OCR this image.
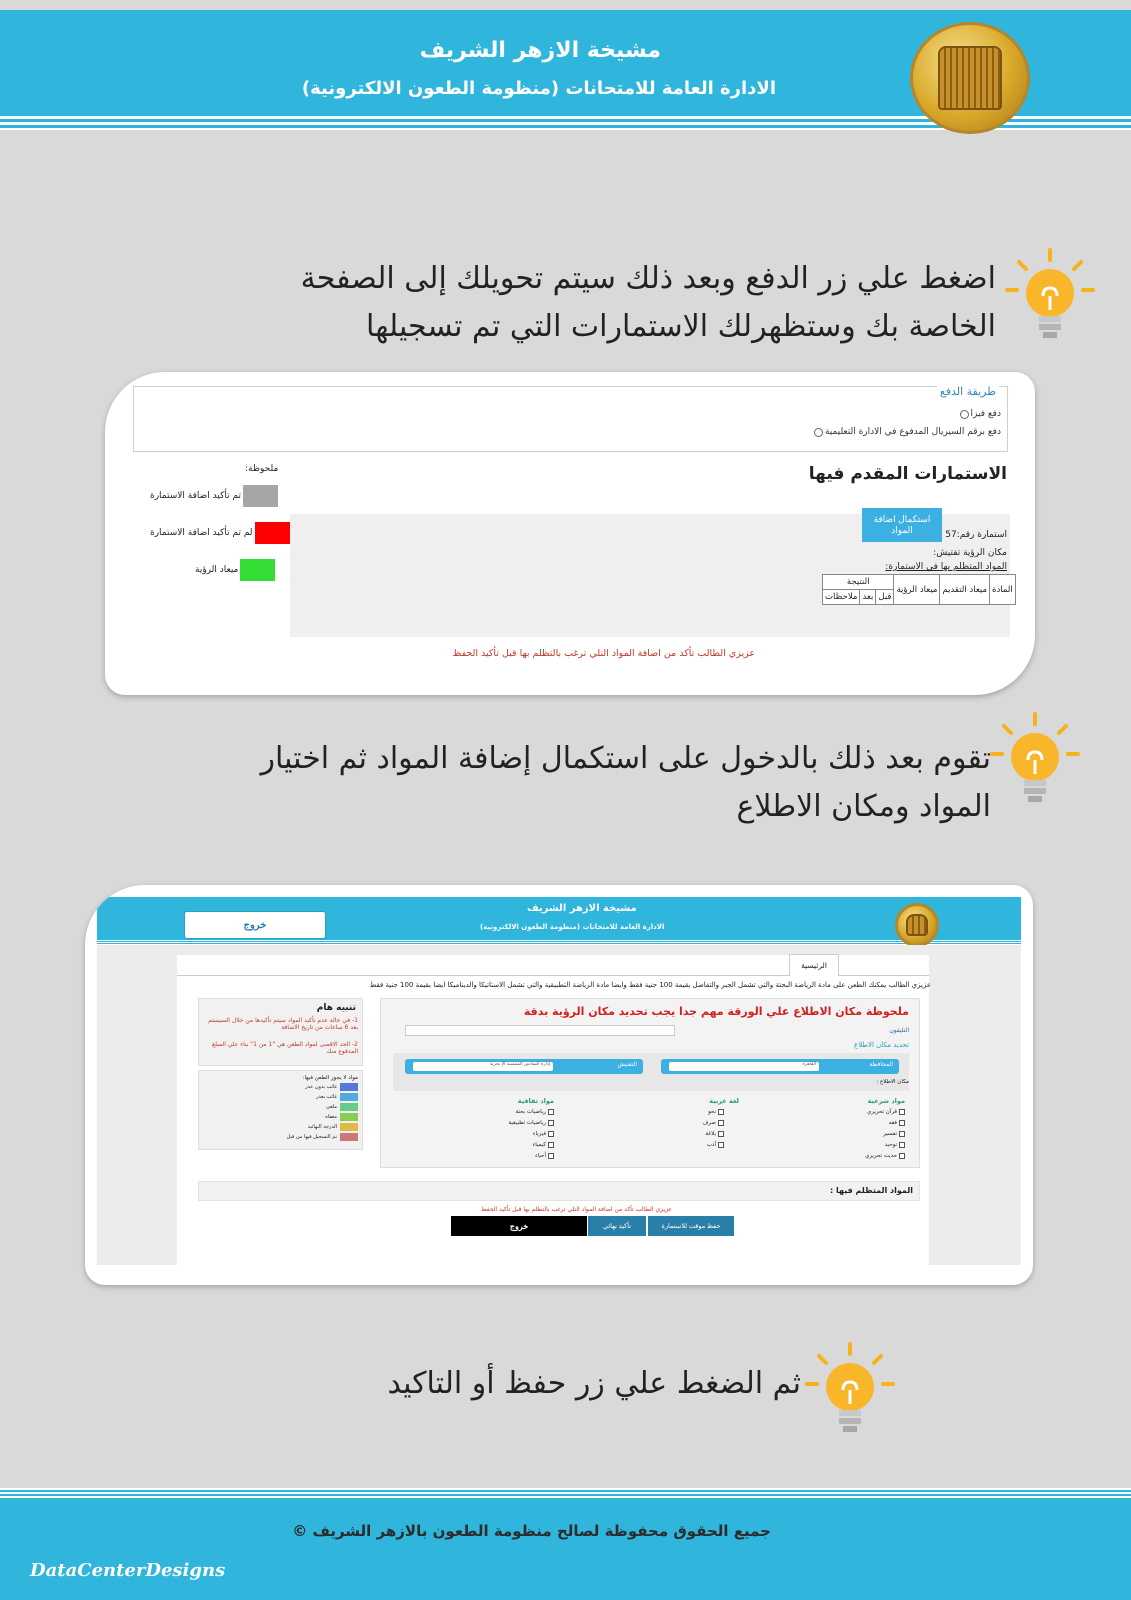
مشيخة الازهر الشريف
الادارة العامة للامتحانات (منظومة الطعون الالكترونية)
اضغط علي زر الدفع وبعد ذلك سيتم تحويلك إلى الصفحة
الخاصة بك وستظهرلك الاستمارات التي تم تسجيلها
طريقة الدفع
دفع فيزا
دفع برقم السيريال المدفوع في الادارة التعليمية
الاستمارات المقدم فيها
ملحوظة:
تم تأكيد اضافة الاستمارة
لم تم تأكيد اضافة الاستمارة
ميعاد الرؤية
استمارة رقم:57
استكمال اضافة المواد
مكان الرؤية تفتيش:
المواد المتظلم بها في الاستمارة:
المادة	ميعاد التقديم	ميعاد الرؤية	النتيجة		
			قبل	بعد	ملاحظات
عزيزي الطالب تأكد من اضافة المواد التلي ترغب بالتظلم بها قبل تأكيد الحفظ
تقوم بعد ذلك بالدخول على استكمال إضافة المواد ثم اختيار
المواد ومكان الاطلاع
مشيخة الازهر الشريف
الادارة العامة للامتحانات (منظومة الطعون الالكترونية)
خروج
الرئيسية
عزيزي الطالب يمكنك الطعن على مادة الرياضة البحتة والتي تشمل الجبر والتفاضل بقيمة 100 جنية فقط وايضا مادة الرياضة التطبيقية والتي تشمل الاستاتيكا والديناميكا ايضا بقيمة 100 جنية فقط
تنبيه هام
1- في حالة عدم تأكيد المواد سيتم تأكيدها من خلال السيستم بعد 6 ساعات من تاريخ الاضافة
2- الحد الاقصى لمواد الطعن هي "1 من 1" بناء علي المبلغ المدفوع منك
مواد لا يجوز الطعن فيها:
غائب بدون عذر
غائب بعذر
ملغي
معفاه
الدرجة النهائية
تم التسجيل فيها من قبل
ملحوظة مكان الاطلاع علي الورقة مهم جدا يجب تحديد مكان الرؤية بدقة
التليفون
تحديد مكان الاطلاع
المحافظة
القاهرة
التفتيش
إدارة السادس المنتسبة الإ بجرية
مكان الاطلاع :
مواد شرعية
قرآن تحريري
فقه
تفسير
توحيد
حديث تحريري
لغة عربية
نحو
صرف
بلاغة
أدب
مواد ثقافية
رياضيات بحتة
رياضيات تطبيقية
فيزياء
كيمياء
أحياء
المواد المتظلم فيها :
عزيزي الطالب تأكد من اضافة المواد التلي ترغب بالتظلم بها قبل تأكيد الحفظ
حفظ موقت للاستمارة
تأكيد نهائي
خروج
ثم الضغط علي زر حفظ أو التاكيد
جميع الحقوق محفوظة لصالح منظومة الطعون بالازهر الشريف ©
DataCenterDesigns
